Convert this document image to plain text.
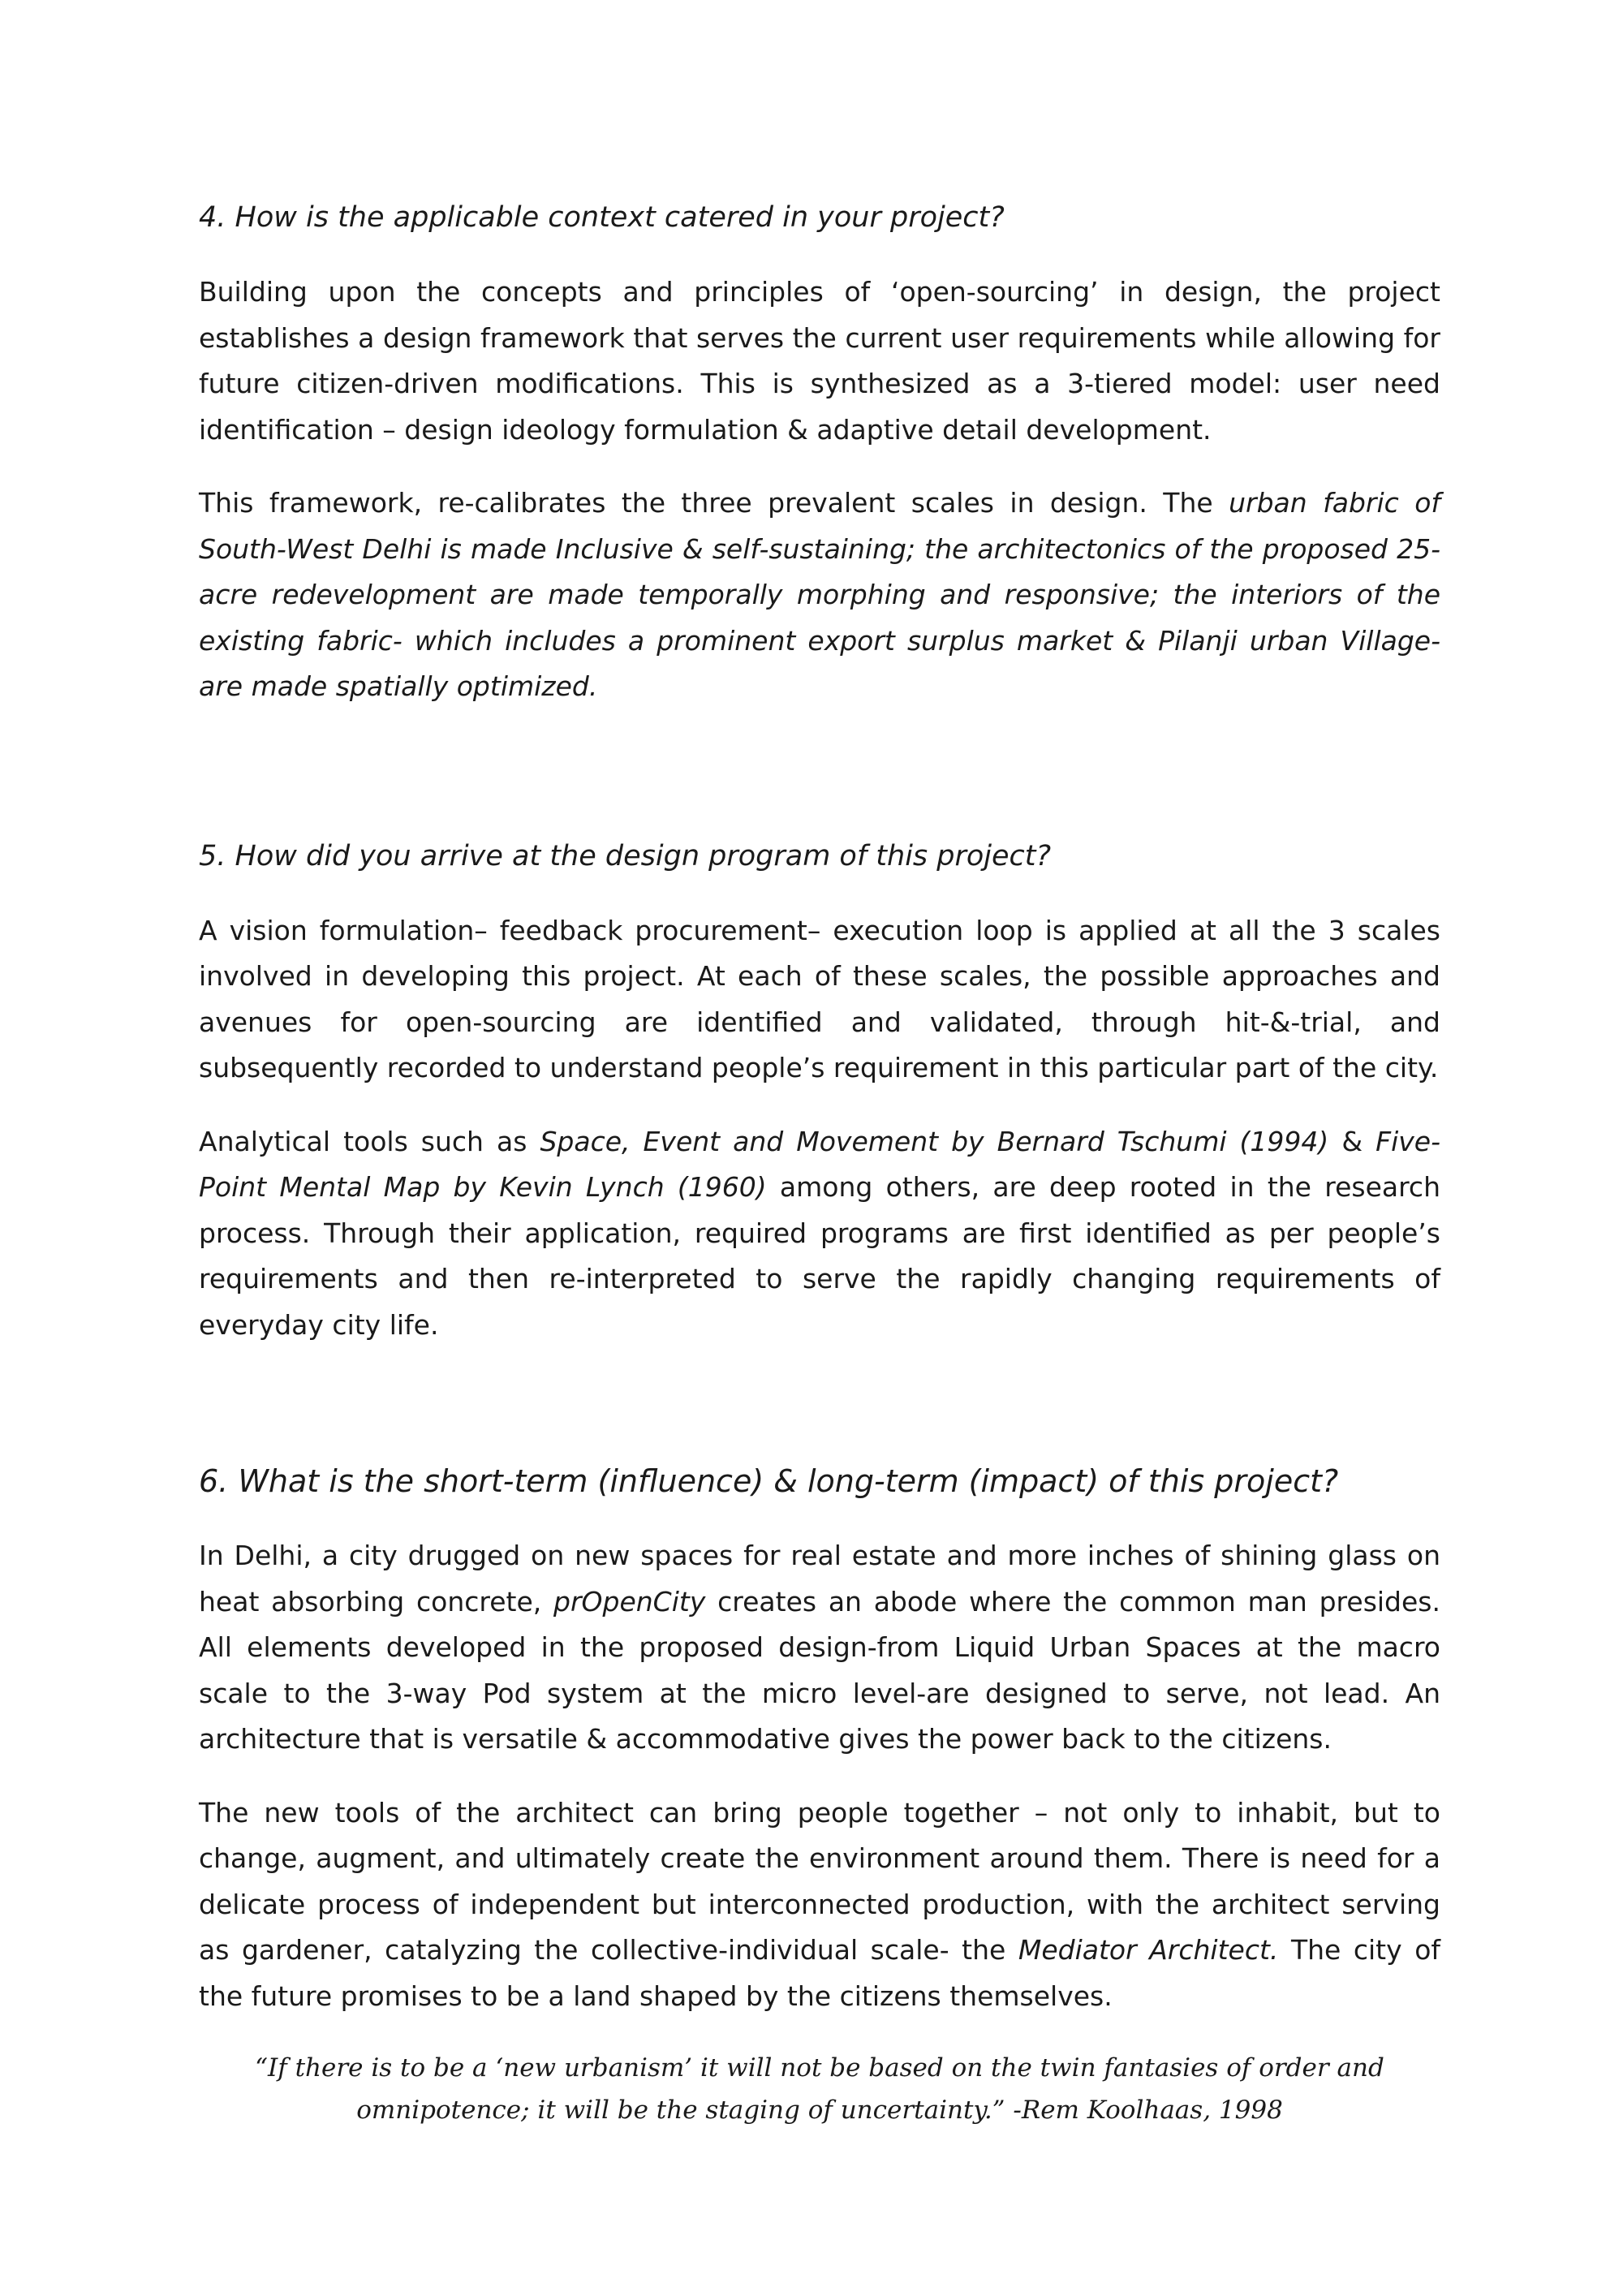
4. How is the applicable context catered in your project?

Building upon the concepts and principles of ‘open-sourcing’ in design, the project establishes a design framework that serves the current user requirements while allowing for future citizen-driven modifications. This is synthesized as a 3-tiered model: user need identification – design ideology formulation & adaptive detail development.

This framework, re-calibrates the three prevalent scales in design. The urban fabric of South-West Delhi is made Inclusive & self-sustaining; the architectonics of the proposed 25-acre redevelopment are made temporally morphing and responsive; the interiors of the existing fabric- which includes a prominent export surplus market & Pilanji urban Village- are made spatially optimized.

5. How did you arrive at the design program of this project?

A vision formulation– feedback procurement– execution loop is applied at all the 3 scales involved in developing this project. At each of these scales, the possible approaches and avenues for open-sourcing are identified and validated, through hit-&-trial, and subsequently recorded to understand people’s requirement in this particular part of the city.

Analytical tools such as Space, Event and Movement by Bernard Tschumi (1994) & Five-Point Mental Map by Kevin Lynch (1960) among others, are deep rooted in the research process. Through their application, required programs are first identified as per people’s requirements and then re-interpreted to serve the rapidly changing requirements of everyday city life.

6. What is the short-term (influence) & long-term (impact) of this project?

In Delhi, a city drugged on new spaces for real estate and more inches of shining glass on heat absorbing concrete, prOpenCity creates an abode where the common man presides. All elements developed in the proposed design-from Liquid Urban Spaces at the macro scale to the 3-way Pod system at the micro level-are designed to serve, not lead. An architecture that is versatile & accommodative gives the power back to the citizens.

The new tools of the architect can bring people together – not only to inhabit, but to change, augment, and ultimately create the environment around them. There is need for a delicate process of independent but interconnected production, with the architect serving as gardener, catalyzing the collective-individual scale- the Mediator Architect. The city of the future promises to be a land shaped by the citizens themselves.

“If there is to be a ‘new urbanism’ it will not be based on the twin fantasies of order and omnipotence; it will be the staging of uncertainty.” -Rem Koolhaas, 1998
